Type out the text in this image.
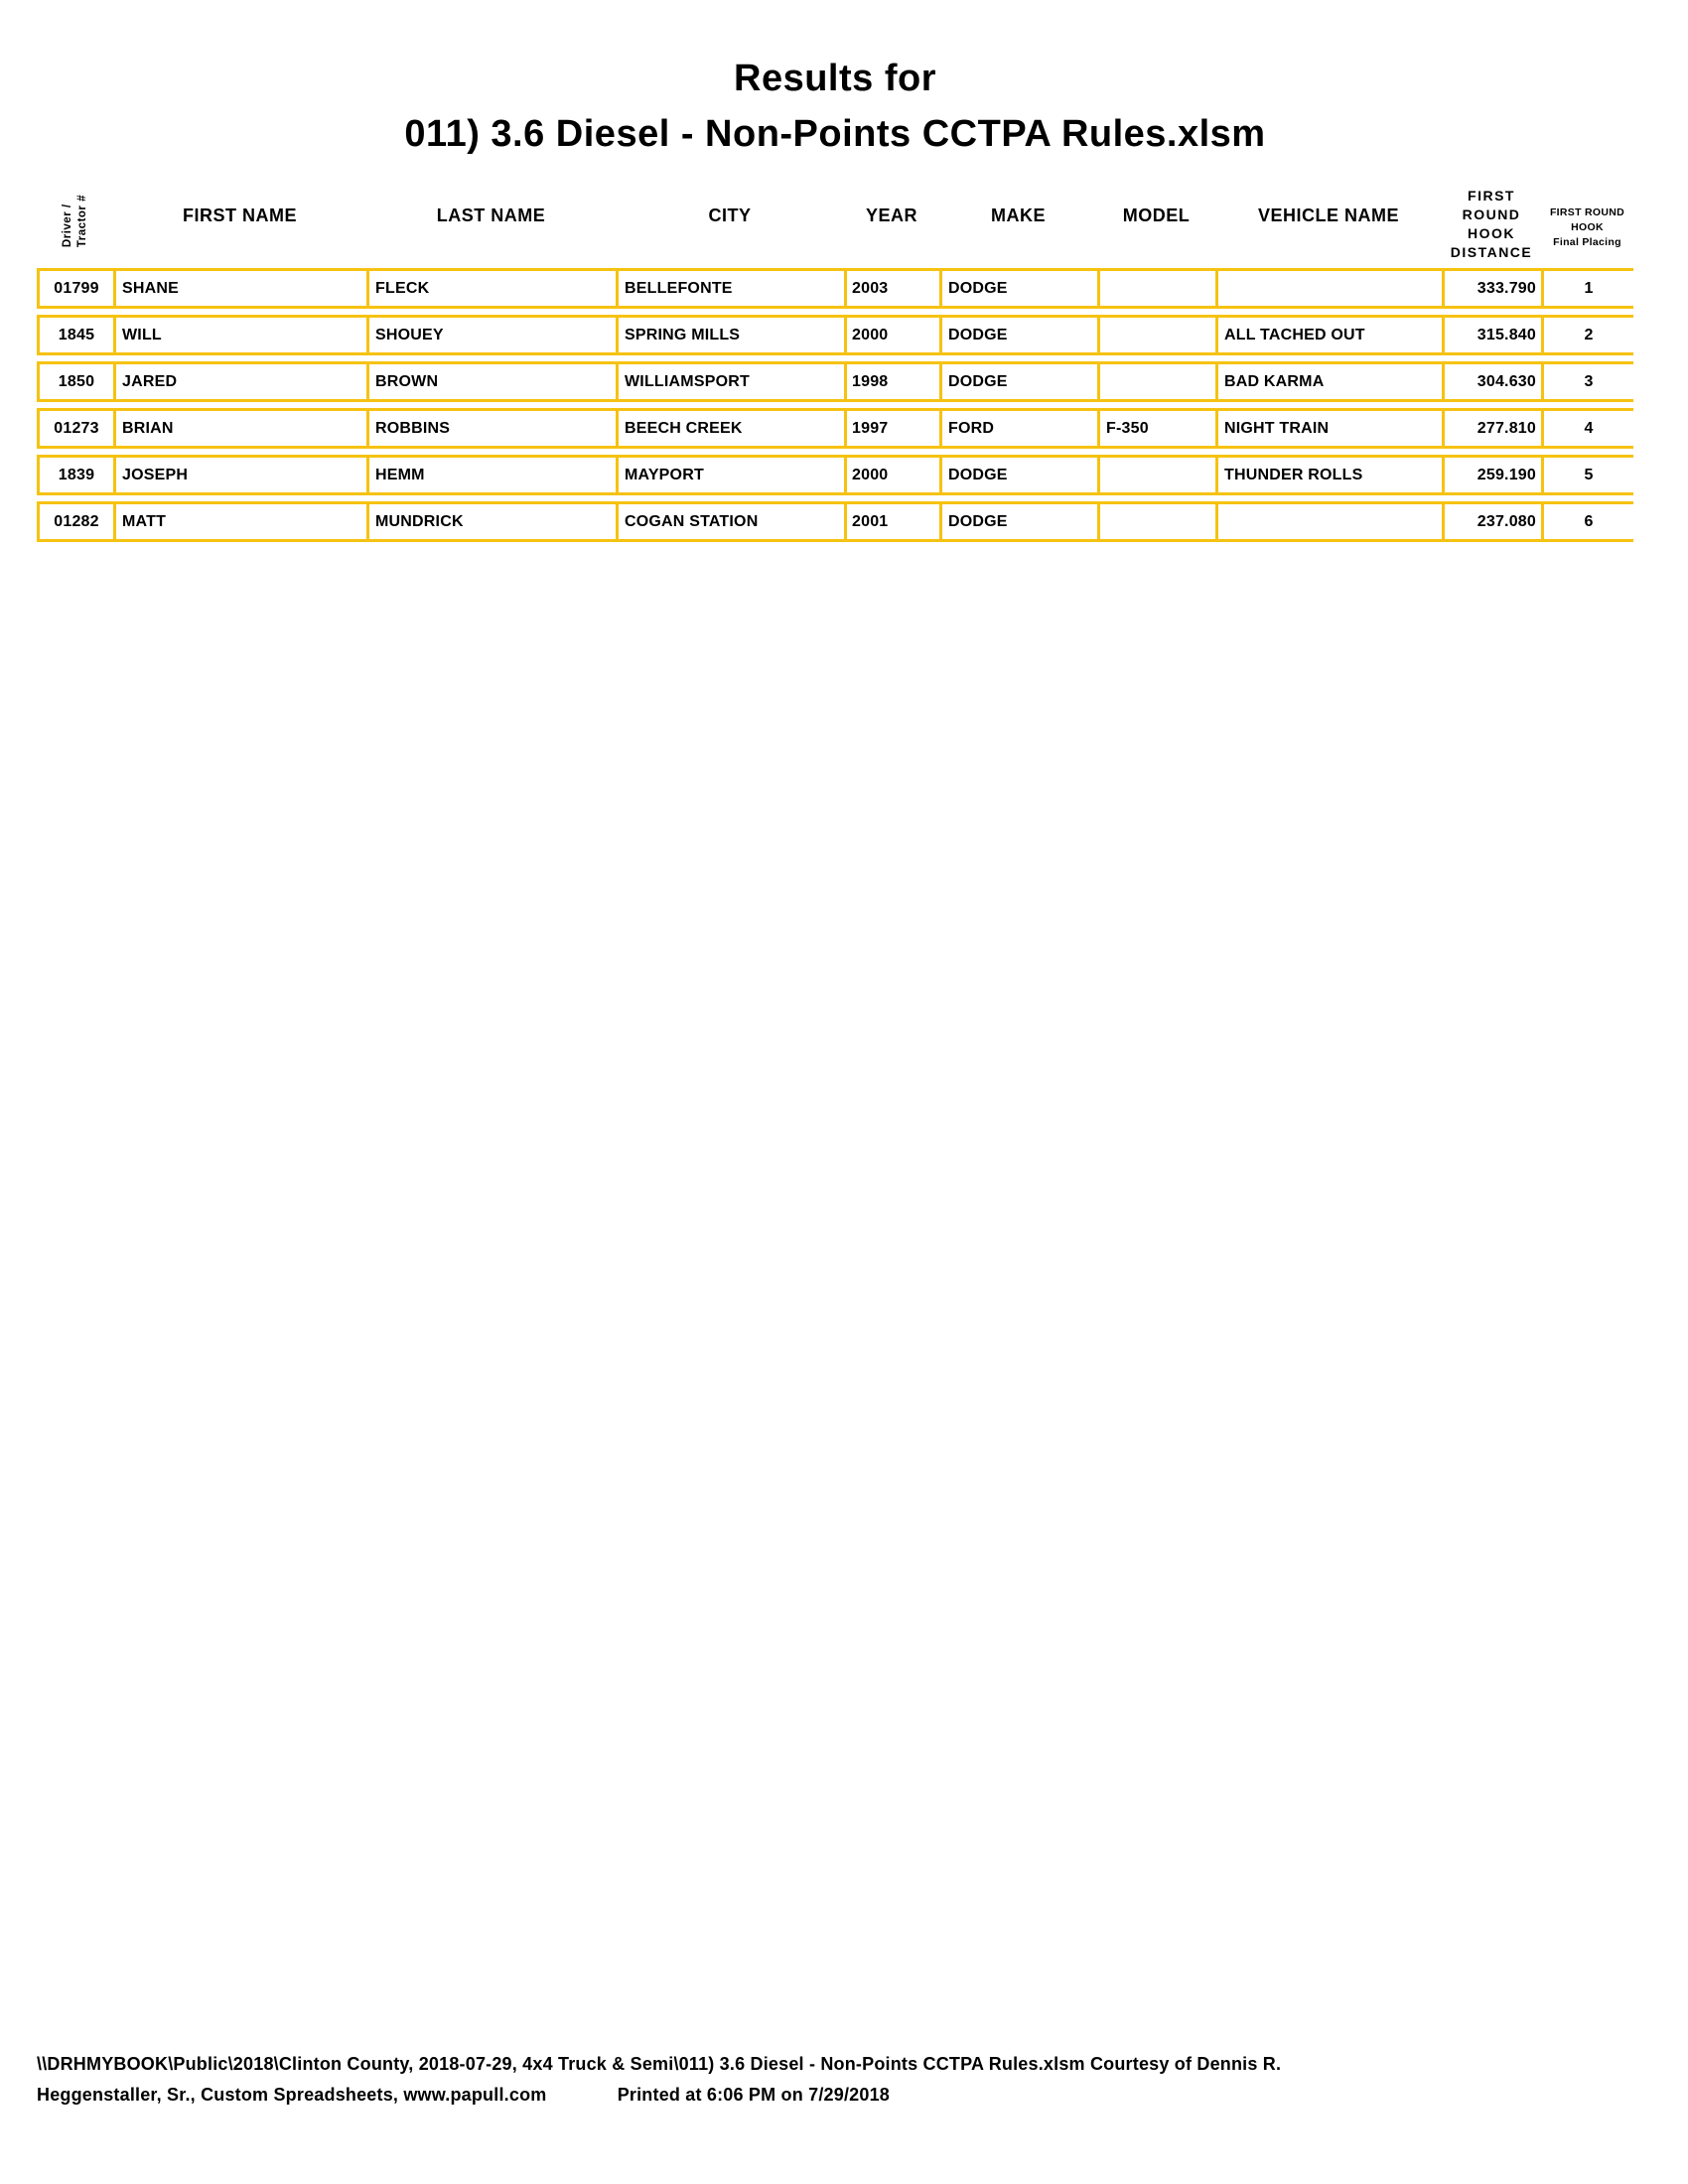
Results for
011) 3.6 Diesel - Non-Points CCTPA Rules.xlsm
Driver / Tractor #	FIRST NAME	LAST NAME	CITY	YEAR	MAKE	MODEL	VEHICLE NAME

FIRST
ROUND
HOOK
DISTANCE

FIRST ROUND
HOOK
Final Placing

01799	SHANE	FLECK	BELLEFONTE	2003	DODGE			333.790	1
1845	WILL	SHOUEY	SPRING MILLS	2000	DODGE		ALL TACHED OUT	315.840	2
1850	JARED	BROWN	WILLIAMSPORT	1998	DODGE		BAD KARMA	304.630	3
01273	BRIAN	ROBBINS	BEECH CREEK	1997	FORD	F-350	NIGHT TRAIN	277.810	4
1839	JOSEPH	HEMM	MAYPORT	2000	DODGE		THUNDER ROLLS	259.190	5
01282	MATT	MUNDRICK	COGAN STATION	2001	DODGE			237.080	6
\\DRHMYBOOK\Public\2018\Clinton County, 2018-07-29, 4x4 Truck & Semi\011) 3.6 Diesel - Non-Points CCTPA Rules.xlsm Courtesy of Dennis R.
Heggenstaller, Sr., Custom Spreadsheets, www.papull.com	Printed at 6:06 PM on 7/29/2018
